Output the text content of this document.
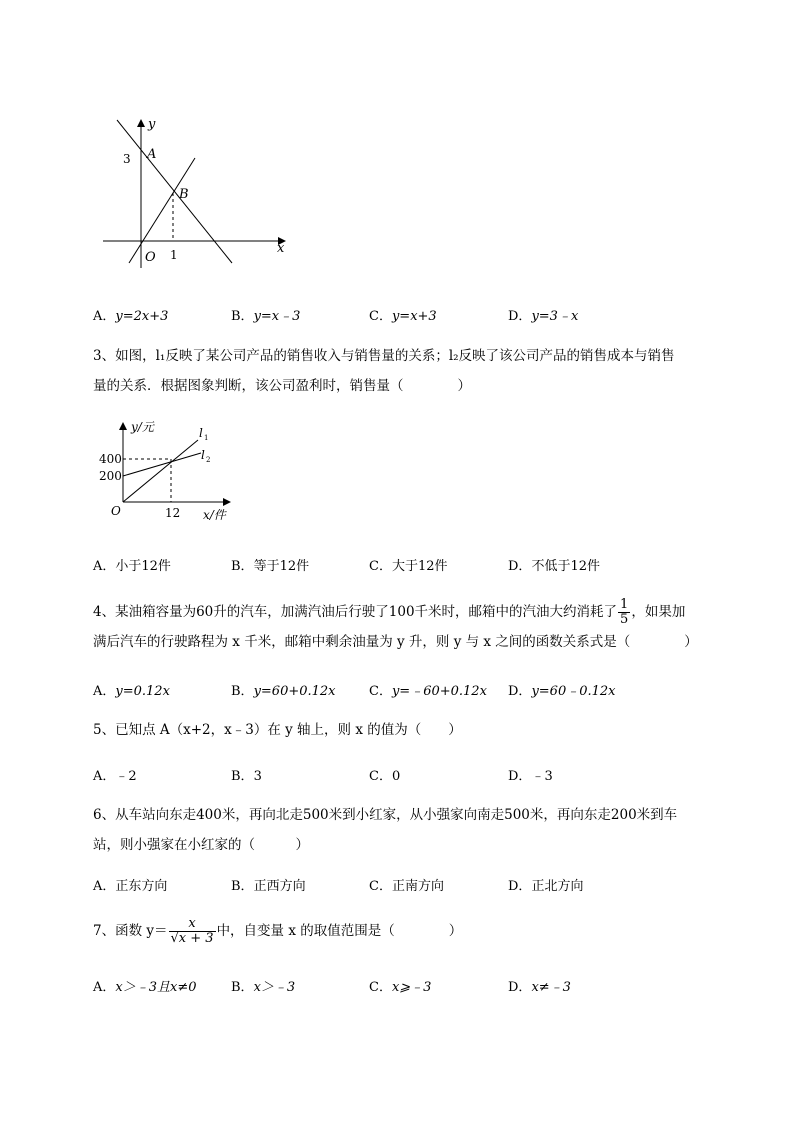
y
x
A
B
O
3
1
A．y=2x+3	B．y=x﹣3	C．y=x+3	D．y=3﹣x
3、如图，l₁反映了某公司产品的销售收入与销售量的关系；l₂反映了该公司产品的销售成本与销售
量的关系．根据图象判断，该公司盈利时，销售量（　　　　）
y/元
x/件
l 1
l 2
400
200
12
O
A．小于12件	B．等于12件	C．大于12件	D．不低于12件
4、某油箱容量为60升的汽车，加满汽油后行驶了100千米时，邮箱中的汽油大约消耗了 $\frac{1}{5}$ ，如果加
满后汽车的行驶路程为 x 千米，邮箱中剩余油量为 y 升，则 y 与 x 之间的函数关系式是（　　　　）
A．y=0.12x	B．y=60+0.12x	C．y=﹣60+0.12x D．y=60﹣0.12x
5、已知点 A（x+2，x﹣3）在 y 轴上，则 x 的值为（　　）
A．﹣2	B．3	C．0	D．﹣3
6、从车站向东走400米，再向北走500米到小红家，从小强家向南走500米，再向东走200米到车
站，则小强家在小红家的（　　　）
A．正东方向	B．正西方向	C．正南方向	D．正北方向
7、函数 $y= \frac{x}{√x + 3}$ 中，自变量 x 的取值范围是（　　　　）
A．x＞﹣3且x≠0	B．x＞﹣3	C．x⩾﹣3	D．x≠﹣3
